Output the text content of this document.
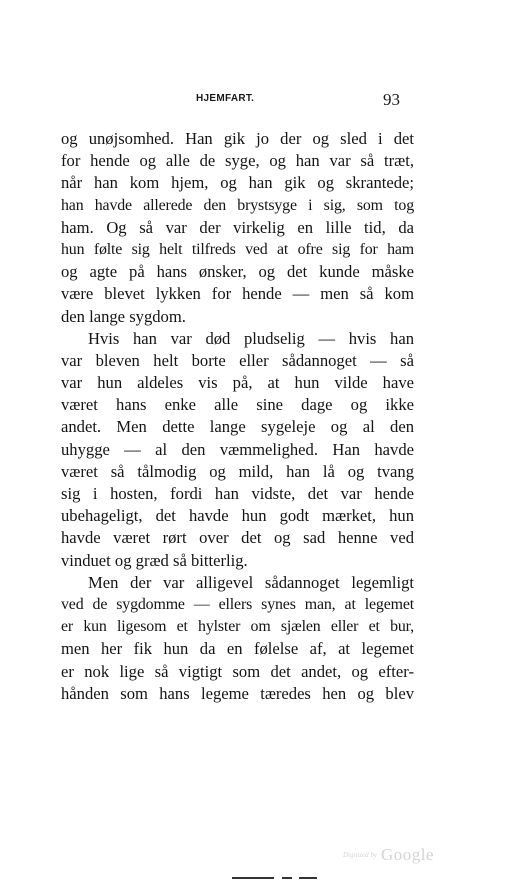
HJEMFART.	93
og unøjsomhed. Han gik jo der og sled i det
for hende og alle de syge, og han var så træt,
når han kom hjem, og han gik og skrantede;
han havde allerede den brystsyge i sig, som tog
ham. Og så var der virkelig en lille tid, da
hun følte sig helt tilfreds ved at ofre sig for ham
og agte på hans ønsker, og det kunde måske
være blevet lykken for hende — men så kom
den lange sygdom.
Hvis han var død pludselig — hvis han
var bleven helt borte eller sådannoget — så
var hun aldeles vis på, at hun vilde have
været hans enke alle sine dage og ikke
andet. Men dette lange sygeleje og al den
uhygge — al den væmmelighed. Han havde
været så tålmodig og mild, han lå og tvang
sig i hosten, fordi han vidste, det var hende
ubehageligt, det havde hun godt mærket, hun
havde været rørt over det og sad henne ved
vinduet og græd så bitterlig.
Men der var alligevel sådannoget legemligt
ved de sygdomme — ellers synes man, at legemet
er kun ligesom et hylster om sjælen eller et bur,
men her fik hun da en følelse af, at legemet
er nok lige så vigtigt som det andet, og efter-
hånden som hans legeme tæredes hen og blev
Digitized by Google
